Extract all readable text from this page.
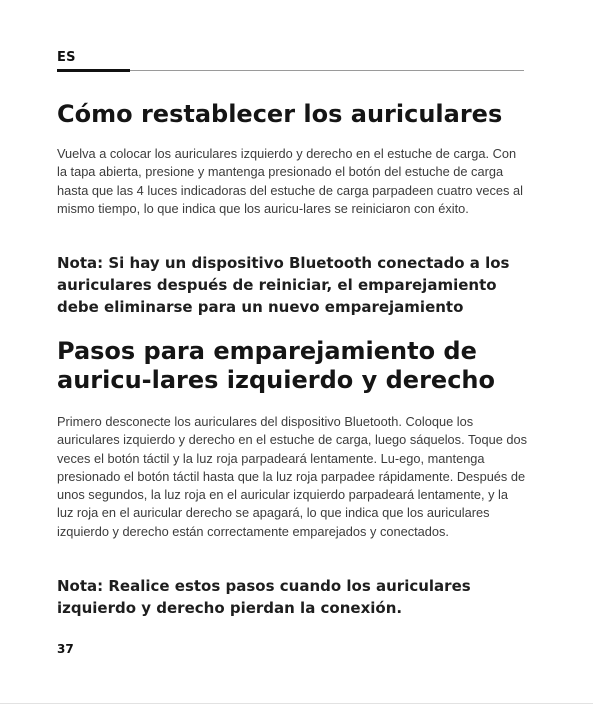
ES
Cómo restablecer los auriculares

Vuelva a colocar los auriculares izquierdo y derecho en el estuche de carga. Con la tapa abierta, presione y mantenga presionado el botón del estuche de carga hasta que las 4 luces indicadoras del estuche de carga parpadeen cuatro veces al mismo tiempo, lo que indica que los auricu-lares se reiniciaron con éxito.

Nota: Si hay un dispositivo Bluetooth conectado a los auriculares después de reiniciar, el emparejamiento debe eliminarse para un nuevo emparejamiento

Pasos para emparejamiento de auricu-lares izquierdo y derecho

Primero desconecte los auriculares del dispositivo Bluetooth. Coloque los auriculares izquierdo y derecho en el estuche de carga, luego sáquelos. Toque dos veces el botón táctil y la luz roja parpadeará lentamente. Lu-ego, mantenga presionado el botón táctil hasta que la luz roja parpadee rápidamente. Después de unos segundos, la luz roja en el auricular izquierdo parpadeará lentamente, y la luz roja en el auricular derecho se apagará, lo que indica que los auriculares izquierdo y derecho están correctamente emparejados y conectados.

Nota: Realice estos pasos cuando los auriculares izquierdo y derecho pierdan la conexión.

37
